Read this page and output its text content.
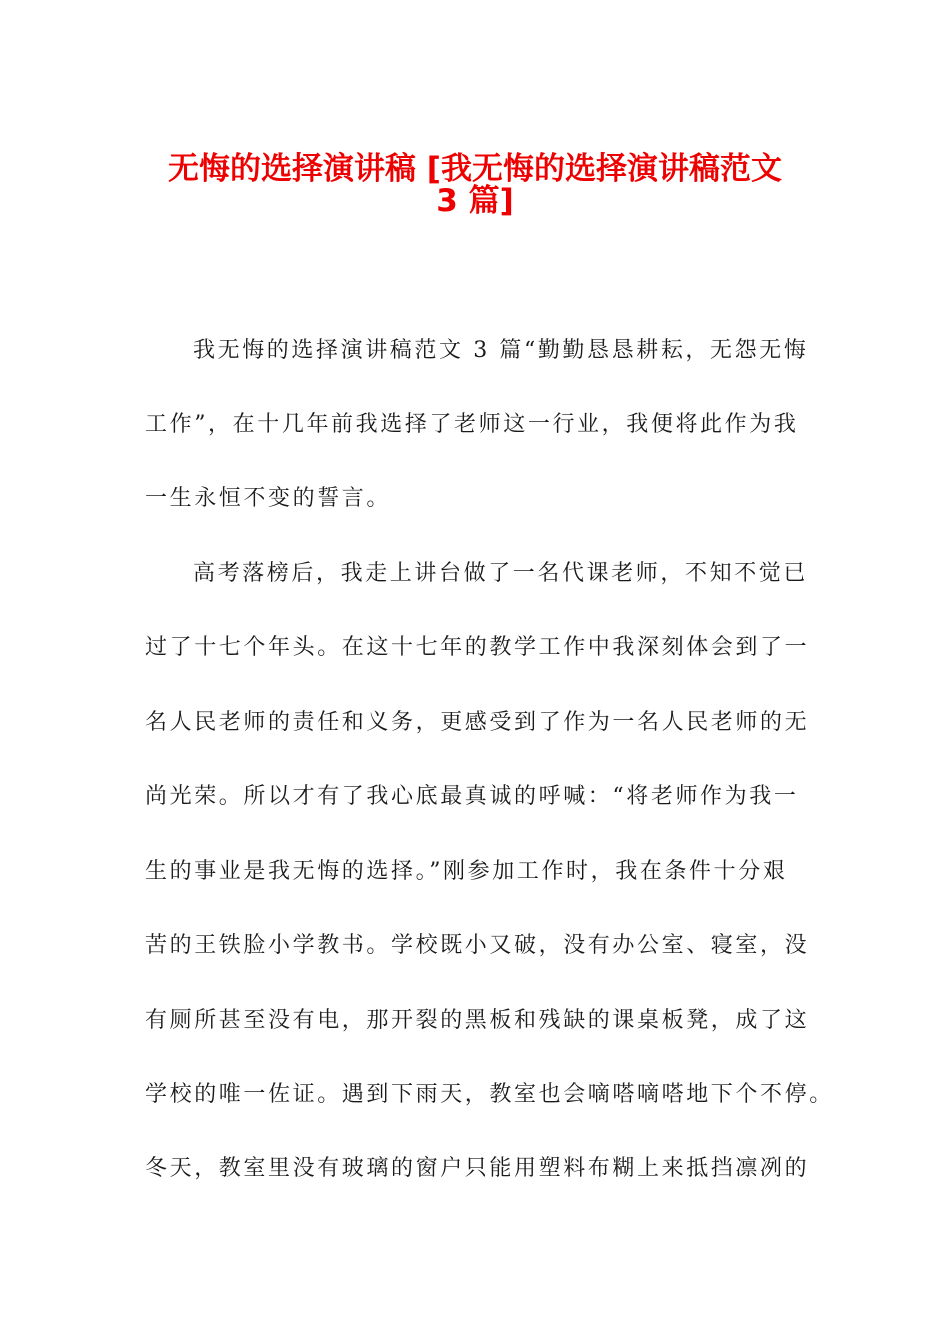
无悔的选择演讲稿 [我无悔的选择演讲稿范文
3 篇]
我无悔的选择演讲稿范文 3 篇“勤勤恳恳耕耘，无怨无悔
工作”，在十几年前我选择了老师这一行业，我便将此作为我
一生永恒不变的誓言。
高考落榜后，我走上讲台做了一名代课老师，不知不觉已
过了十七个年头。在这十七年的教学工作中我深刻体会到了一
名人民老师的责任和义务，更感受到了作为一名人民老师的无
尚光荣。所以才有了我心底最真诚的呼喊：“将老师作为我一
生的事业是我无悔的选择。”刚参加工作时，我在条件十分艰
苦的王铁脸小学教书。学校既小又破，没有办公室、寝室，没
有厕所甚至没有电，那开裂的黑板和残缺的课桌板凳，成了这
学校的唯一佐证。遇到下雨天，教室也会嘀嗒嘀嗒地下个不停。
冬天，教室里没有玻璃的窗户只能用塑料布糊上来抵挡凛冽的
